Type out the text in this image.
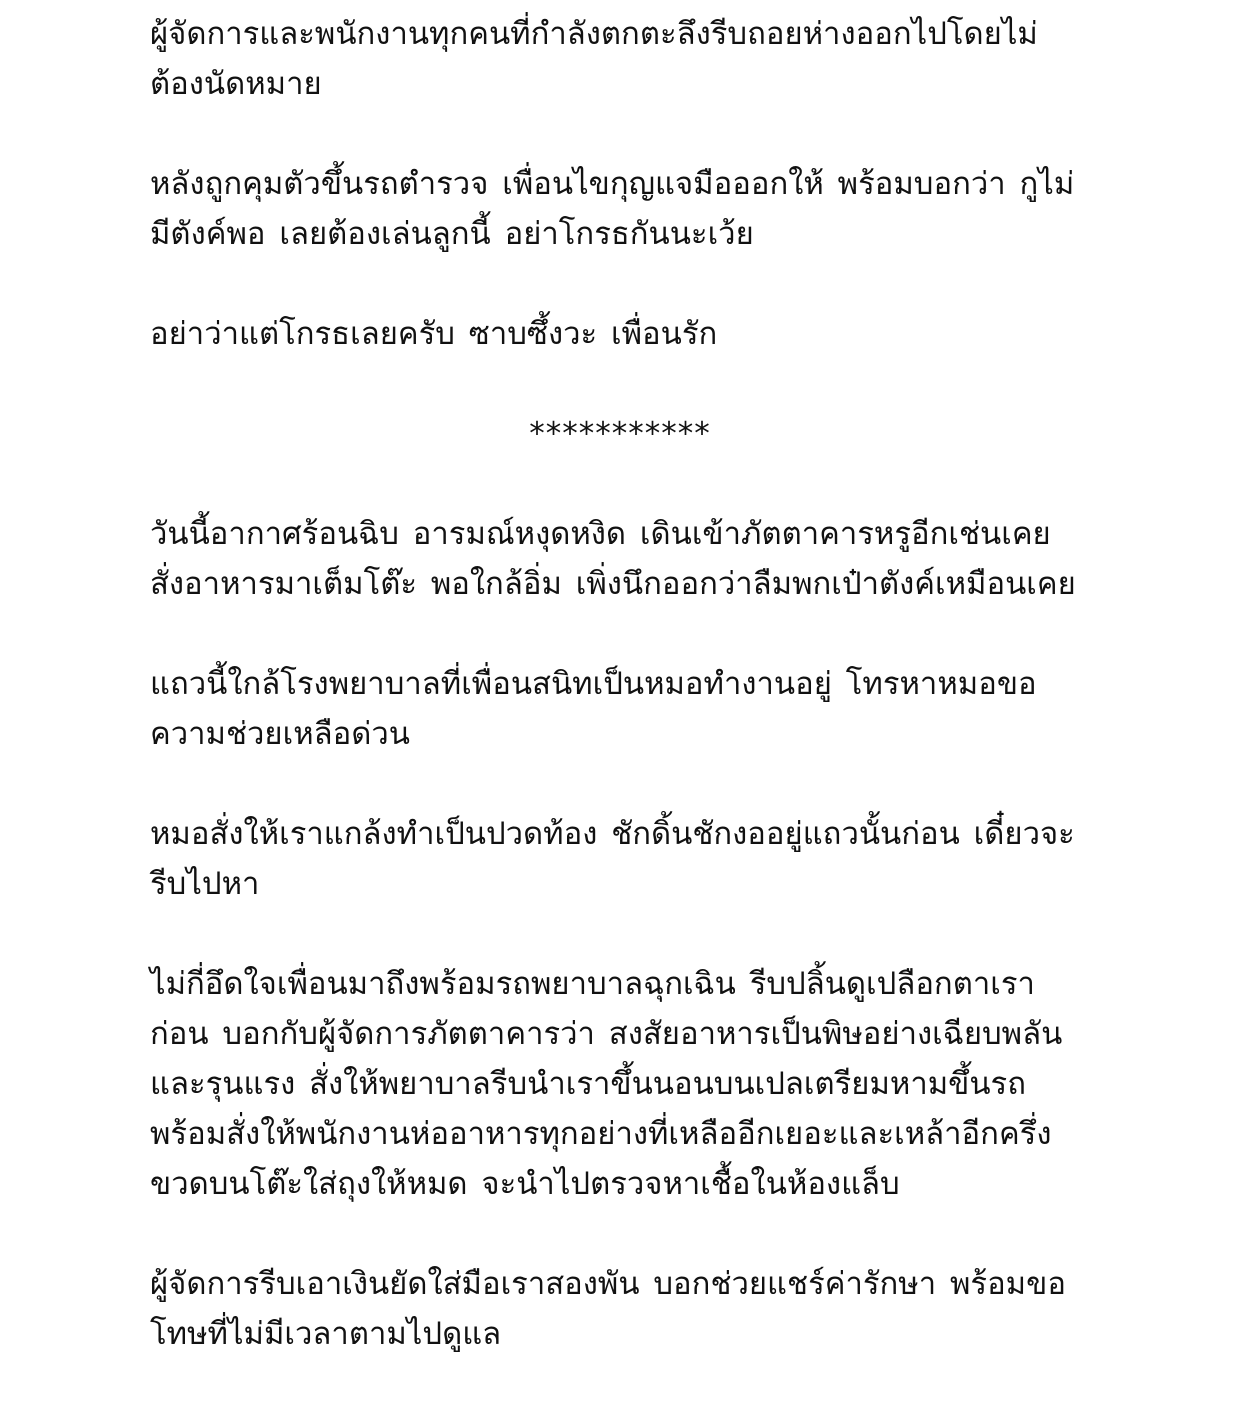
ผู้จัดการและพนักงานทุกคนที่กำลังตกตะลึงรีบถอยห่างออกไปโดยไม่
ต้องนัดหมาย

หลังถูกคุมตัวขึ้นรถตำรวจ เพื่อนไขกุญแจมือออกให้ พร้อมบอกว่า กูไม่
มีตังค์พอ เลยต้องเล่นลูกนี้ อย่าโกรธกันนะเว้ย

อย่าว่าแต่โกรธเลยครับ ซาบซึ้งวะ เพื่อนรัก

***********

วันนี้อากาศร้อนฉิบ อารมณ์หงุดหงิด เดินเข้าภัตตาคารหรูอีกเช่นเคย
สั่งอาหารมาเต็มโต๊ะ พอใกล้อิ่ม เพิ่งนึกออกว่าลืมพกเป๋าตังค์เหมือนเคย

แถวนี้ใกล้โรงพยาบาลที่เพื่อนสนิทเป็นหมอทำงานอยู่ โทรหาหมอขอ
ความช่วยเหลือด่วน

หมอสั่งให้เราแกล้งทำเป็นปวดท้อง ชักดิ้นชักงออยู่แถวนั้นก่อน เดี๋ยวจะ
รีบไปหา

ไม่กี่อึดใจเพื่อนมาถึงพร้อมรถพยาบาลฉุกเฉิน รีบปลิ้นดูเปลือกตาเรา
ก่อน บอกกับผู้จัดการภัตตาคารว่า สงสัยอาหารเป็นพิษอย่างเฉียบพลัน
และรุนแรง สั่งให้พยาบาลรีบนำเราขึ้นนอนบนเปลเตรียมหามขึ้นรถ
พร้อมสั่งให้พนักงานห่ออาหารทุกอย่างที่เหลืออีกเยอะและเหล้าอีกครึ่ง
ขวดบนโต๊ะใส่ถุงให้หมด จะนำไปตรวจหาเชื้อในห้องแล็บ

ผู้จัดการรีบเอาเงินยัดใส่มือเราสองพัน บอกช่วยแชร์ค่ารักษา พร้อมขอ
โทษที่ไม่มีเวลาตามไปดูแล
